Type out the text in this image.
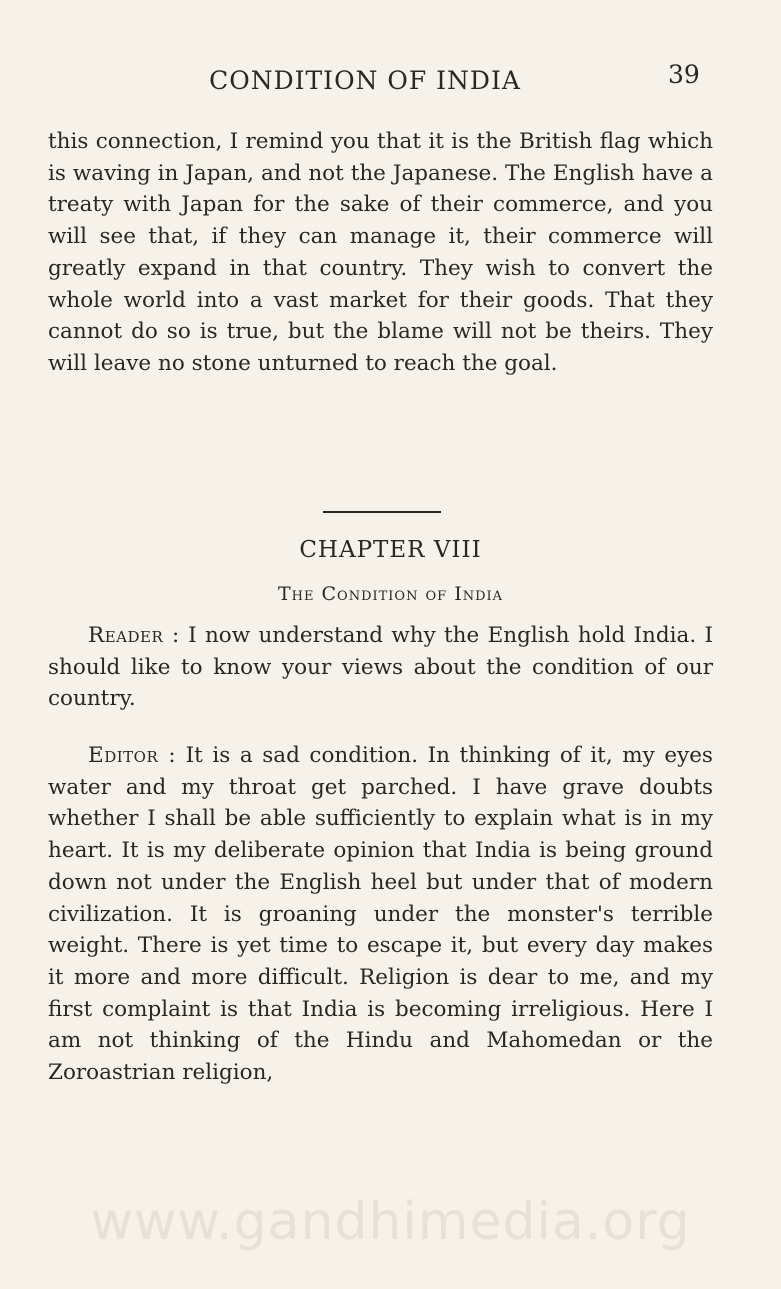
CONDITION OF INDIA	39

this connection, I remind you that it is the British flag which is waving in Japan, and not the Japanese. The English have a treaty with Japan for the sake of their commerce, and you will see that, if they can manage it, their commerce will greatly expand in that country. They wish to convert the whole world into a vast market for their goods. That they cannot do so is true, but the blame will not be theirs. They will leave no stone unturned to reach the goal.

CHAPTER VIII
The Condition of India

Reader : I now understand why the English hold India. I should like to know your views about the condition of our country.

Editor : It is a sad condition. In thinking of it, my eyes water and my throat get parched. I have grave doubts whether I shall be able sufficiently to explain what is in my heart. It is my deliberate opinion that India is being ground down not under the English heel but under that of modern civilization. It is groaning under the monster's terrible weight. There is yet time to escape it, but every day makes it more and more difficult. Religion is dear to me, and my first complaint is that India is becoming irreligious. Here I am not thinking of the Hindu and Mahomedan or the Zoroastrian religion,

www.gandhimedia.org
